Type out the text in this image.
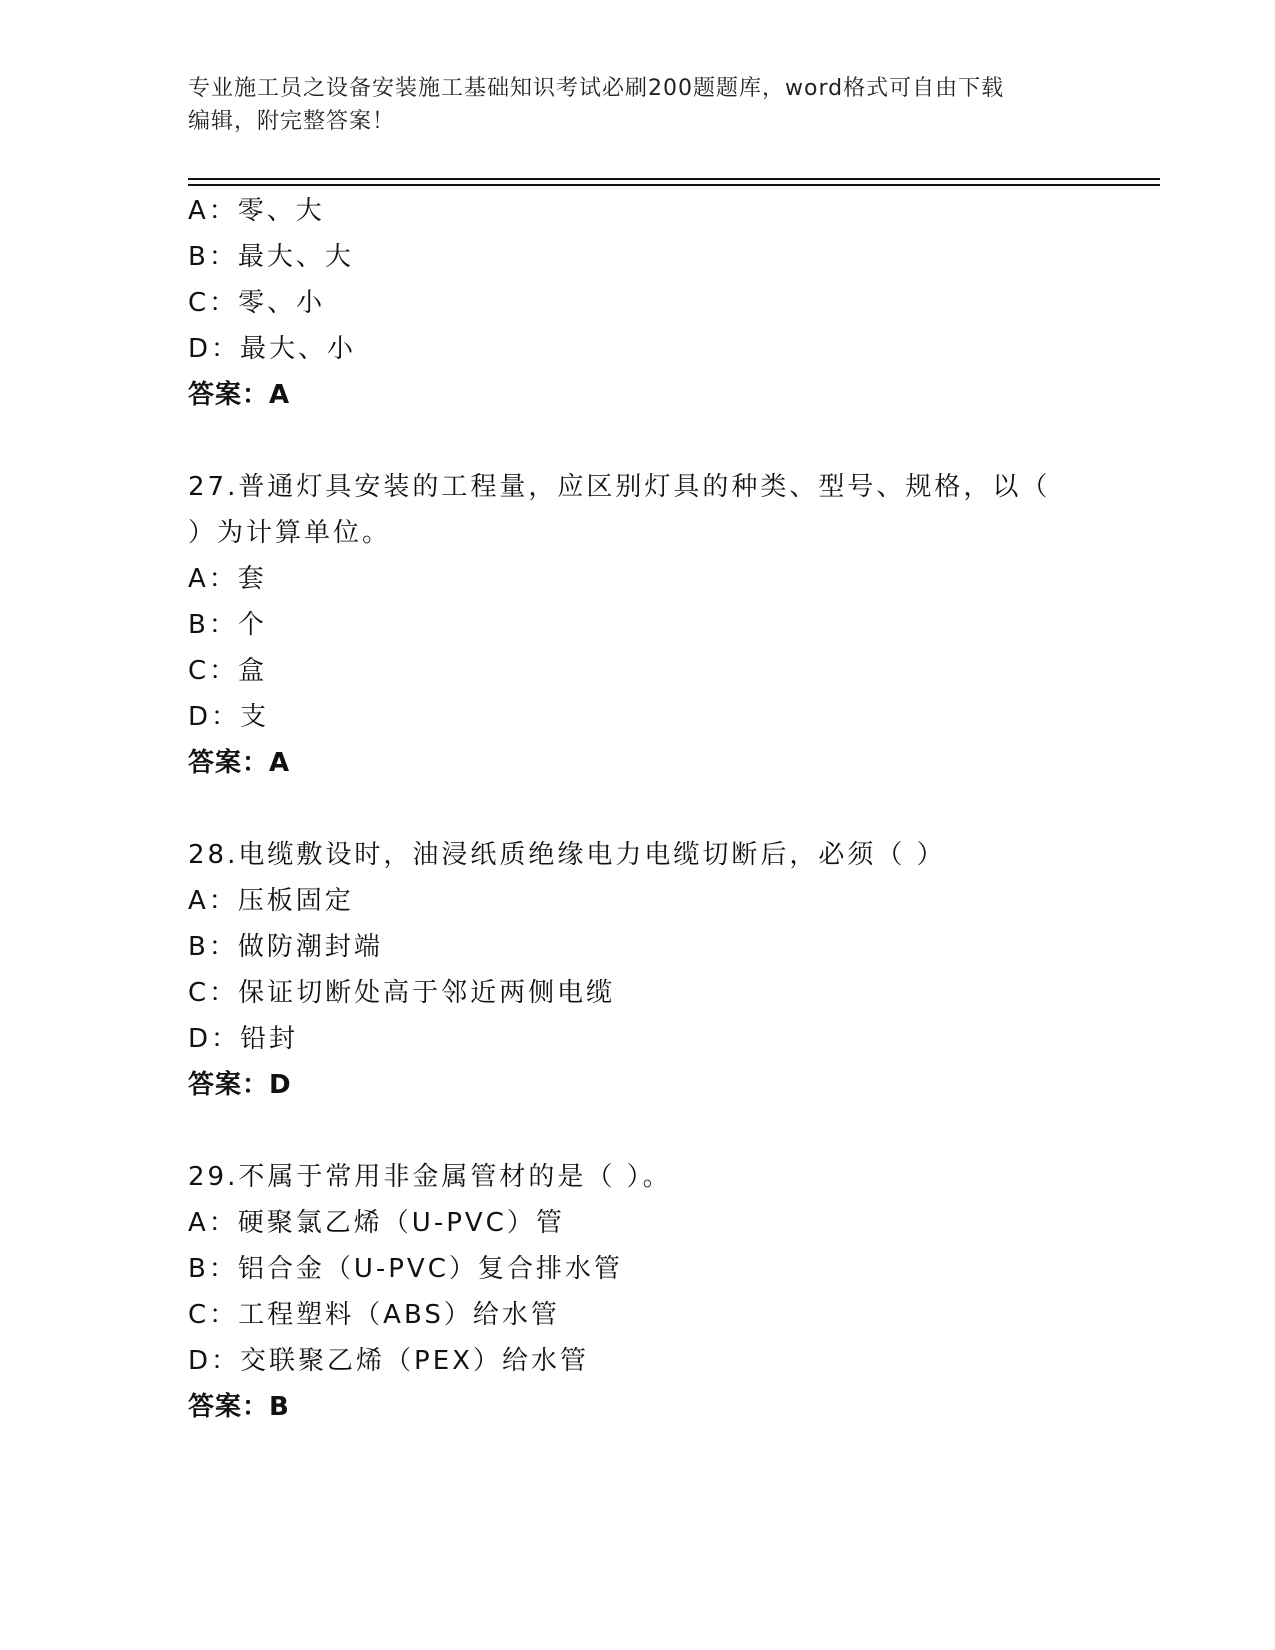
专业施工员之设备安装施工基础知识考试必刷200题题库，word格式可自由下载
编辑，附完整答案！
A：零、大
B：最大、大
C：零、小
D：最大、小
答案：A
27.普通灯具安装的工程量，应区别灯具的种类、型号、规格，以（
）为计算单位。
A：套
B：个
C：盒
D：支
答案：A
28.电缆敷设时，油浸纸质绝缘电力电缆切断后，必须（ ）
A：压板固定
B：做防潮封端
C：保证切断处高于邻近两侧电缆
D：铅封
答案：D
29.不属于常用非金属管材的是（ ）。
A：硬聚氯乙烯（U-PVC）管
B：铝合金（U-PVC）复合排水管
C：工程塑料（ABS）给水管
D：交联聚乙烯（PEX）给水管
答案：B
